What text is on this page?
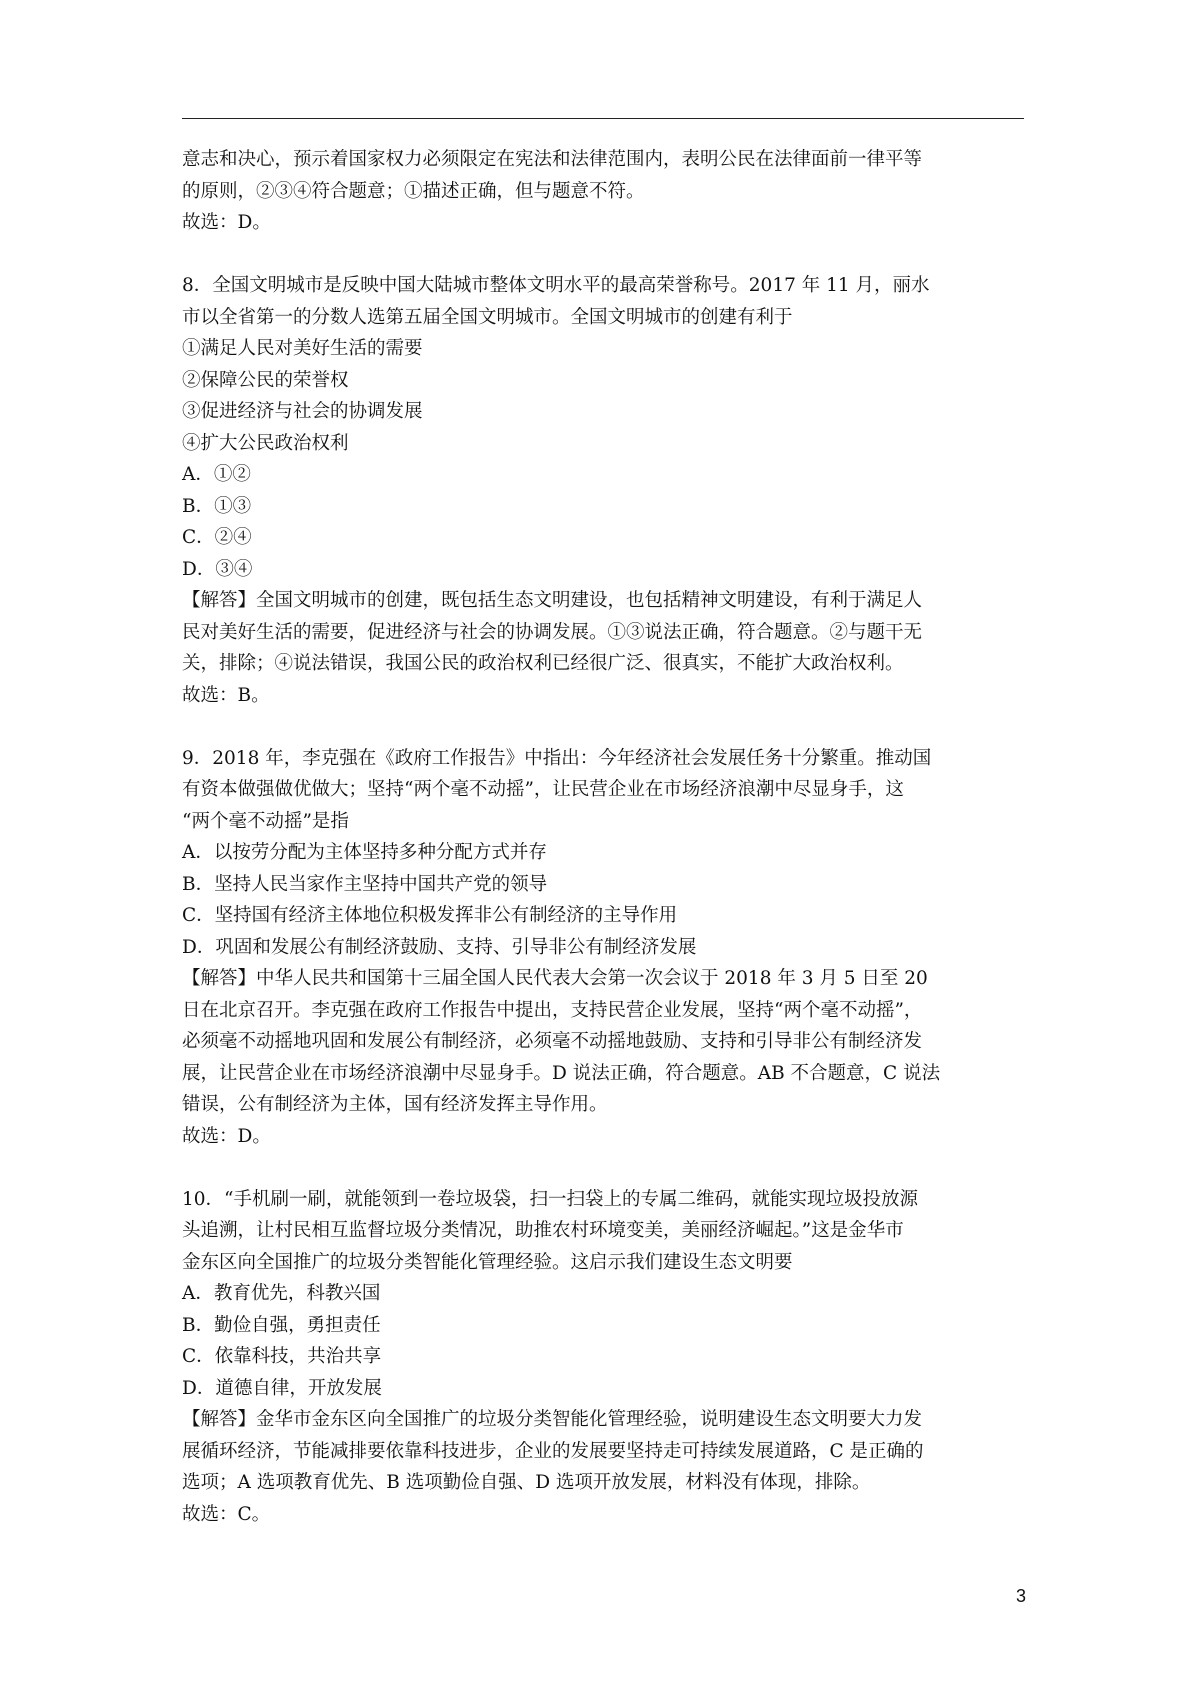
意志和决心，预示着国家权力必须限定在宪法和法律范围内，表明公民在法律面前一律平等
的原则，②③④符合题意；①描述正确，但与题意不符。
故选：D。
8．全国文明城市是反映中国大陆城市整体文明水平的最高荣誉称号。2017 年 11 月，丽水
市以全省第一的分数人选第五届全国文明城市。全国文明城市的创建有利于
①满足人民对美好生活的需要
②保障公民的荣誉权
③促进经济与社会的协调发展
④扩大公民政治权利
A．①②
B．①③
C．②④
D．③④
【解答】全国文明城市的创建，既包括生态文明建设，也包括精神文明建设，有利于满足人
民对美好生活的需要，促进经济与社会的协调发展。①③说法正确，符合题意。②与题干无
关，排除；④说法错误，我国公民的政治权利已经很广泛、很真实，不能扩大政治权利。
故选：B。
9．2018 年，李克强在《政府工作报告》中指出：今年经济社会发展任务十分繁重。推动国
有资本做强做优做大；坚持“两个毫不动摇”，让民营企业在市场经济浪潮中尽显身手，这
“两个毫不动摇”是指
A．以按劳分配为主体坚持多种分配方式并存
B．坚持人民当家作主坚持中国共产党的领导
C．坚持国有经济主体地位积极发挥非公有制经济的主导作用
D．巩固和发展公有制经济鼓励、支持、引导非公有制经济发展
【解答】中华人民共和国第十三届全国人民代表大会第一次会议于 2018 年 3 月 5 日至 20
日在北京召开。李克强在政府工作报告中提出，支持民营企业发展，坚持“两个毫不动摇”，
必须毫不动摇地巩固和发展公有制经济，必须毫不动摇地鼓励、支持和引导非公有制经济发
展，让民营企业在市场经济浪潮中尽显身手。D 说法正确，符合题意。AB 不合题意，C 说法
错误，公有制经济为主体，国有经济发挥主导作用。
故选：D。
10．“手机刷一刷，就能领到一卷垃圾袋，扫一扫袋上的专属二维码，就能实现垃圾投放源
头追溯，让村民相互监督垃圾分类情况，助推农村环境变美，美丽经济崛起。”这是金华市
金东区向全国推广的垃圾分类智能化管理经验。这启示我们建设生态文明要
A．教育优先，科教兴国
B．勤俭自强，勇担责任
C．依靠科技，共治共享
D．道德自律，开放发展
【解答】金华市金东区向全国推广的垃圾分类智能化管理经验，说明建设生态文明要大力发
展循环经济，节能减排要依靠科技进步，企业的发展要坚持走可持续发展道路，C 是正确的
选项；A 选项教育优先、B 选项勤俭自强、D 选项开放发展，材料没有体现，排除。
故选：C。
3
